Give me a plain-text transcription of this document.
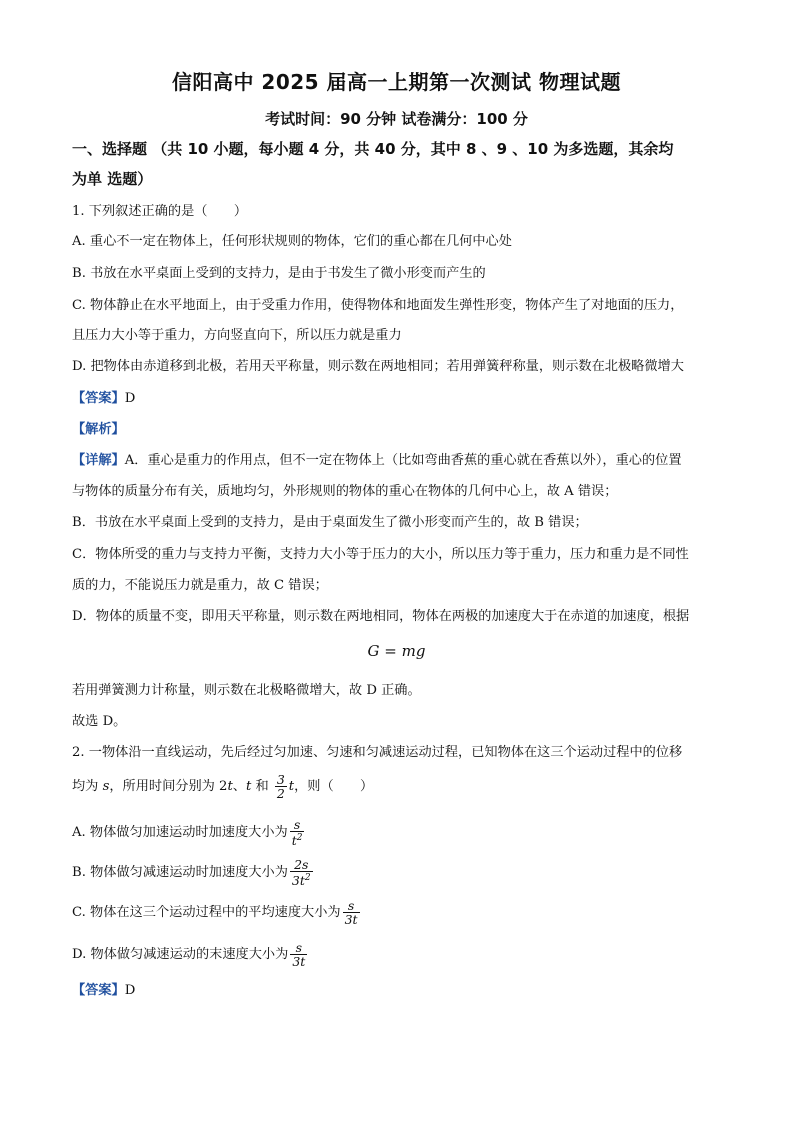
信阳高中 2025 届高一上期第一次测试 物理试题
考试时间：90 分钟 试卷满分：100 分
一、选择题 （共 10 小题，每小题 4 分，共 40 分，其中 8 、9 、10 为多选题，其余均
为单 选题）
1. 下列叙述正确的是（　　）
A. 重心不一定在物体上，任何形状规则的物体，它们的重心都在几何中心处
B. 书放在水平桌面上受到的支持力，是由于书发生了微小形变而产生的
C. 物体静止在水平地面上，由于受重力作用，使得物体和地面发生弹性形变，物体产生了对地面的压力，
且压力大小等于重力，方向竖直向下，所以压力就是重力
D. 把物体由赤道移到北极，若用天平称量，则示数在两地相同；若用弹簧秤称量，则示数在北极略微增大
【答案】D
【解析】
【详解】A．重心是重力的作用点，但不一定在物体上（比如弯曲香蕉的重心就在香蕉以外），重心的位置
与物体的质量分布有关，质地均匀，外形规则的物体的重心在物体的几何中心上，故 A 错误；
B．书放在水平桌面上受到的支持力，是由于桌面发生了微小形变而产生的，故 B 错误；
C．物体所受的重力与支持力平衡，支持力大小等于压力的大小，所以压力等于重力，压力和重力是不同性
质的力，不能说压力就是重力，故 C 错误；
D．物体的质量不变，即用天平称量，则示数在两地相同，物体在两极的加速度大于在赤道的加速度，根据
G = mg
若用弹簧测力计称量，则示数在北极略微增大，故 D 正确。
故选 D。
2. 一物体沿一直线运动，先后经过匀加速、匀速和匀减速运动过程，已知物体在这三个运动过程中的位移
均为 s，所用时间分别为 2t、t 和 $\frac{3}{2}$ t，则（　　）
A. 物体做匀加速运动时加速度大小为 $\frac{s}{t^2}$
B. 物体做匀减速运动时加速度大小为 $\frac{2s}{3t^2}$
C. 物体在这三个运动过程中的平均速度大小为 $\frac{s}{3t}$
D. 物体做匀减速运动的末速度大小为 $\frac{s}{3t}$
【答案】D
